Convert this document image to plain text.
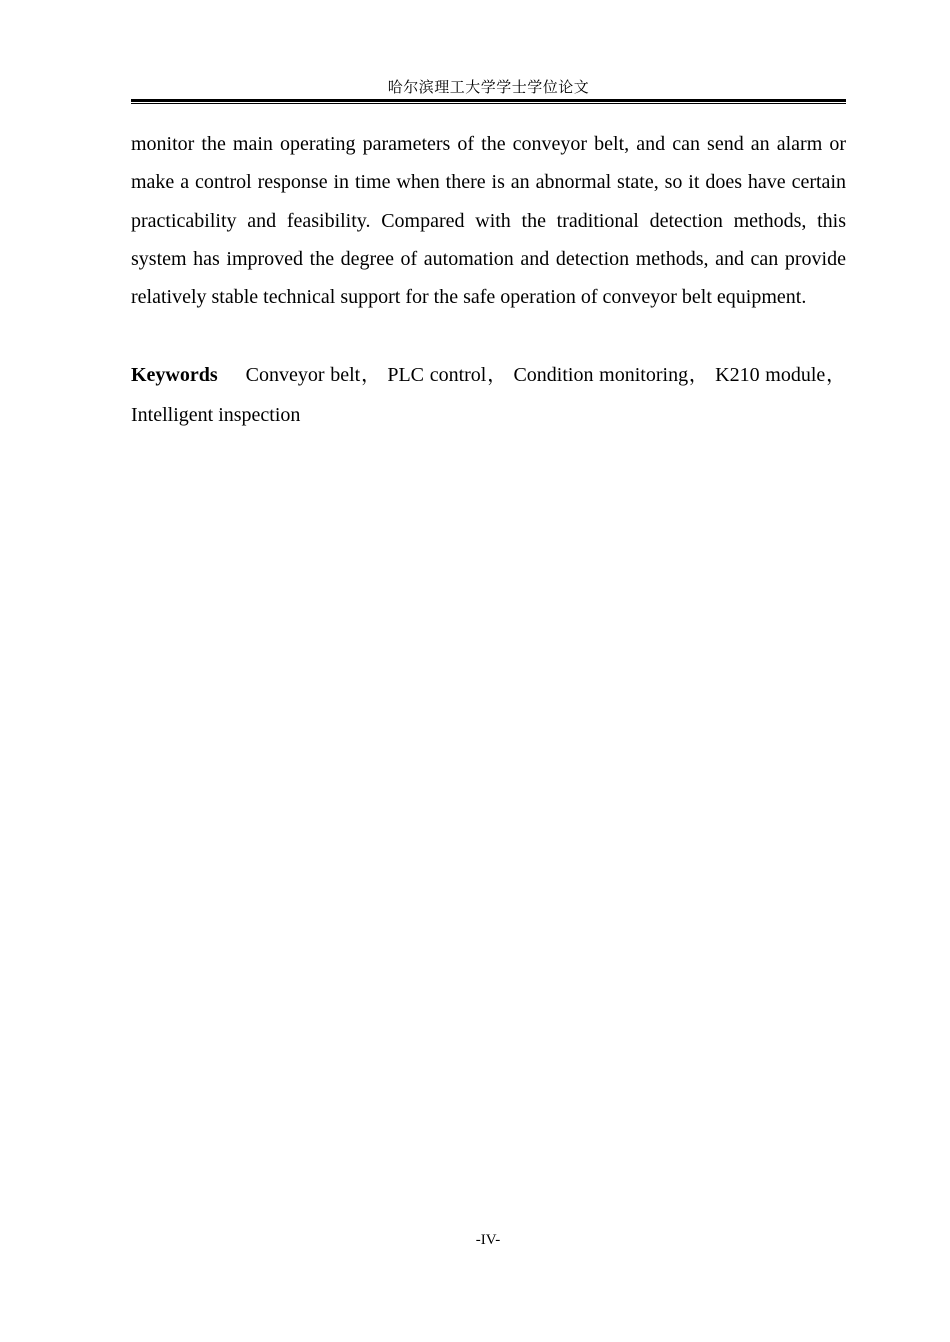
哈尔滨理工大学学士学位论文

monitor the main operating parameters of the conveyor belt, and can send an alarm or make a control response in time when there is an abnormal state, so it does have certain practicability and feasibility. Compared with the traditional detection methods, this system has improved the degree of automation and detection methods, and can provide relatively stable technical support for the safe operation of conveyor belt equipment.

Keywords Conveyor belt， PLC control， Condition monitoring， K210 module，Intelligent inspection

-IV-
